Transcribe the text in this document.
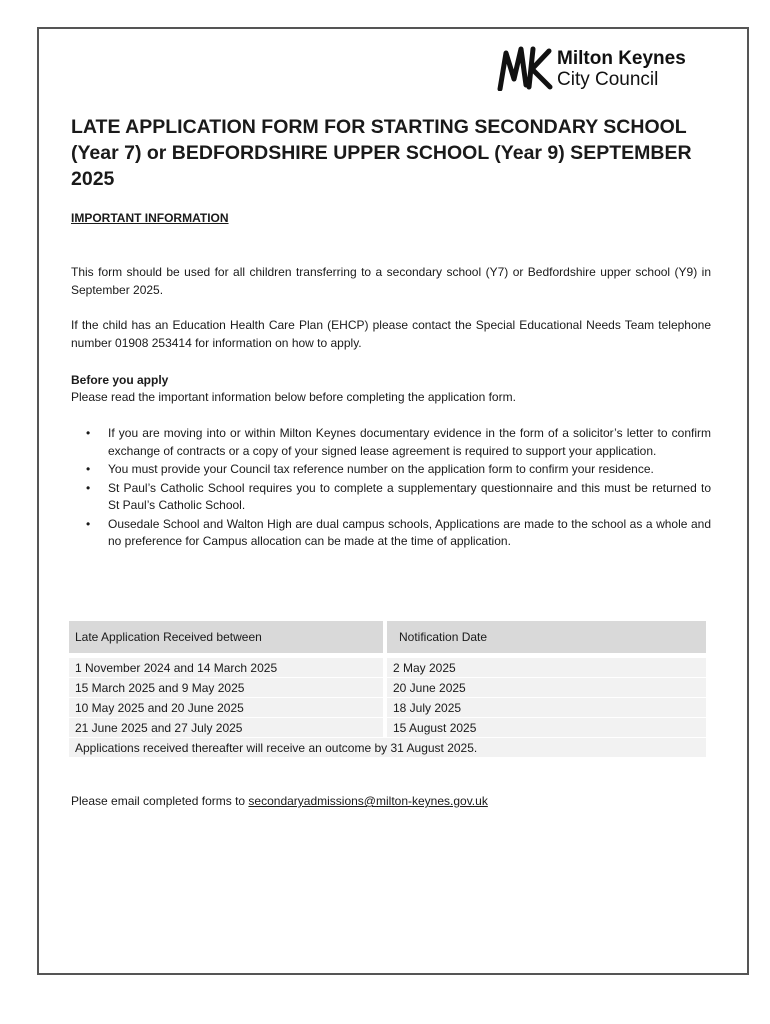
Milton Keynes
City Council
LATE APPLICATION FORM FOR STARTING SECONDARY SCHOOL (Year 7) or BEDFORDSHIRE UPPER SCHOOL (Year 9) SEPTEMBER 2025
IMPORTANT INFORMATION
This form should be used for all children transferring to a secondary school (Y7) or Bedfordshire upper school (Y9) in September 2025.
If the child has an Education Health Care Plan (EHCP) please contact the Special Educational Needs Team telephone number 01908 253414 for information on how to apply.
Before you apply
Please read the important information below before completing the application form.
• If you are moving into or within Milton Keynes documentary evidence in the form of a solicitor’s letter to confirm exchange of contracts or a copy of your signed lease agreement is required to support your application.
• You must provide your Council tax reference number on the application form to confirm your residence.
• St Paul’s Catholic School requires you to complete a supplementary questionnaire and this must be returned to St Paul’s Catholic School.
• Ousedale School and Walton High are dual campus schools, Applications are made to the school as a whole and no preference for Campus allocation can be made at the time of application.
Late Application Received between	Notification Date

1 November 2024 and 14 March 2025	2 May 2025
15 March 2025 and 9 May 2025	20 June 2025
10 May 2025 and 20 June 2025	18 July 2025
21 June 2025 and 27 July 2025	15 August 2025
Applications received thereafter will receive an outcome by 31 August 2025.	
Please email completed forms to secondaryadmissions@milton-keynes.gov.uk
